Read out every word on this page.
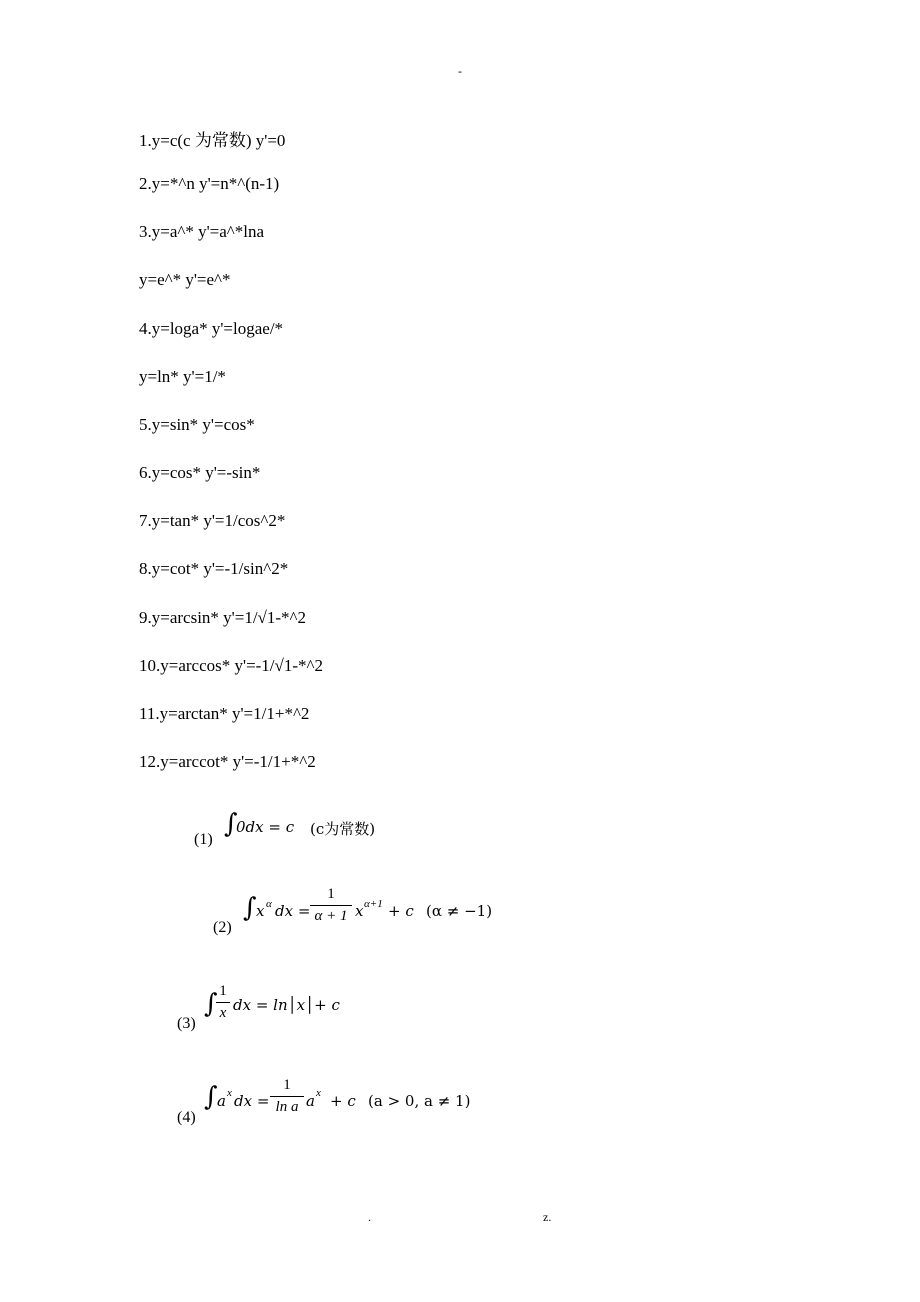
-
1.y=c(c 为常数) y'=0
2.y=*^n y'=n*^(n-1)
3.y=a^* y'=a^*lna
y=e^* y'=e^*
4.y=loga* y'=logae/*
y=ln* y'=1/*
5.y=sin* y'=cos*
6.y=cos* y'=-sin*
7.y=tan* y'=1/cos^2*
8.y=cot* y'=-1/sin^2*
9.y=arcsin* y'=1/√1-*^2
10.y=arccos* y'=-1/√1-*^2
11.y=arctan* y'=1/1+*^2
12.y=arccot* y'=-1/1+*^2
(1)
∫
0dx = c (c为常数)
(2)
∫ x α dx =
1
α + 1 x α+1 + c (α ≠ −1)
(3)
∫ 1
x dx = ln│x│+ c
(4)
∫ a x dx =
1
ln a a x + c (a > 0, a ≠ 1)
.	z.
